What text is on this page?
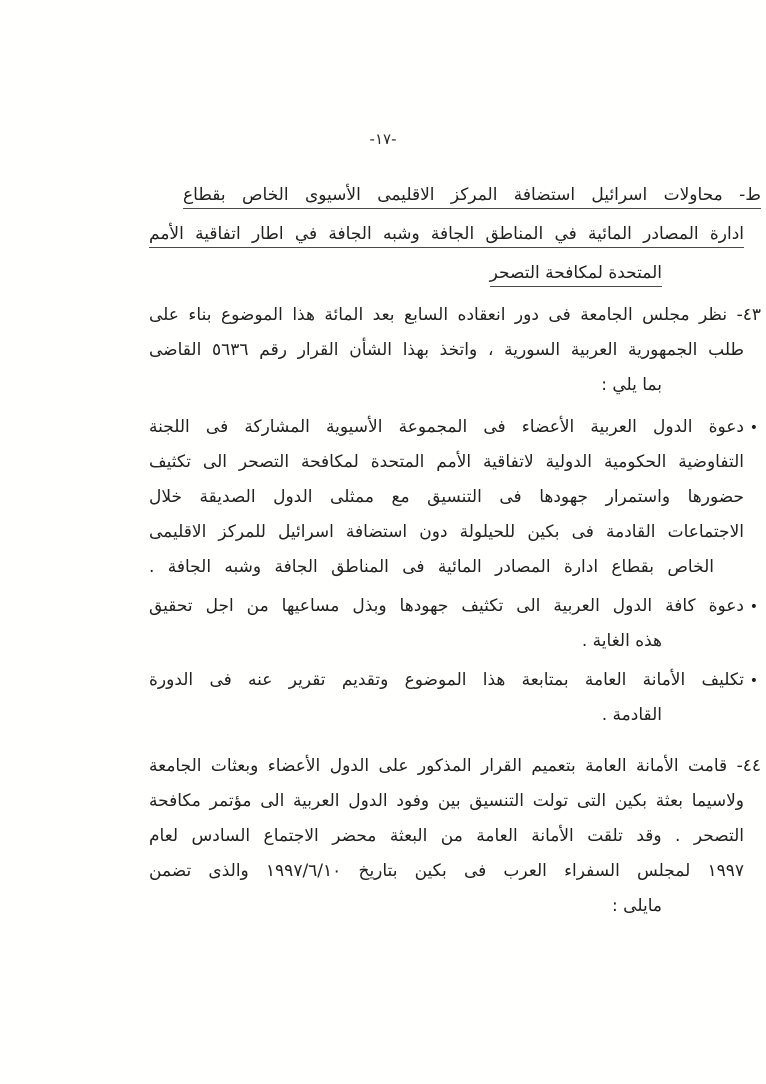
-١٧-
ط- محاولات اسرائيل استضافة المركز الاقليمى الأسيوى الخاص بقطاع
ادارة المصادر المائية في المناطق الجافة وشبه الجافة في اطار اتفاقية الأمم
المتحدة لمكافحة التصحر
٤٣- نظر مجلس الجامعة فى دور انعقاده السابع بعد المائة هذا الموضوع بناء على
طلب الجمهورية العربية السورية ، واتخذ بهذا الشأن القرار رقم ٥٦٣٦ القاضى
بما يلي :
•
دعوة الدول العربية الأعضاء فى المجموعة الأسيوية المشاركة فى اللجنة
التفاوضية الحكومية الدولية لاتفاقية الأمم المتحدة لمكافحة التصحر الى تكثيف
حضورها واستمرار جهودها فى التنسيق مع ممثلى الدول الصديقة خلال
الاجتماعات القادمة فى بكين للحيلولة دون استضافة اسرائيل للمركز الاقليمى
الخاص بقطاع ادارة المصادر المائية فى المناطق الجافة وشبه الجافة .
•
دعوة كافة الدول العربية الى تكثيف جهودها وبذل مساعيها من اجل تحقيق
هذه الغاية .
•
تكليف الأمانة العامة بمتابعة هذا الموضوع وتقديم تقرير عنه فى الدورة
القادمة .
٤٤- قامت الأمانة العامة بتعميم القرار المذكور على الدول الأعضاء وبعثات الجامعة
ولاسيما بعثة بكين التى تولت التنسيق بين وفود الدول العربية الى مؤتمر مكافحة
التصحر . وقد تلقت الأمانة العامة من البعثة محضر الاجتماع السادس لعام
١٩٩٧ لمجلس السفراء العرب فى بكين بتاريخ ١٩٩٧/٦/١٠ والذى تضمن
مايلى :
